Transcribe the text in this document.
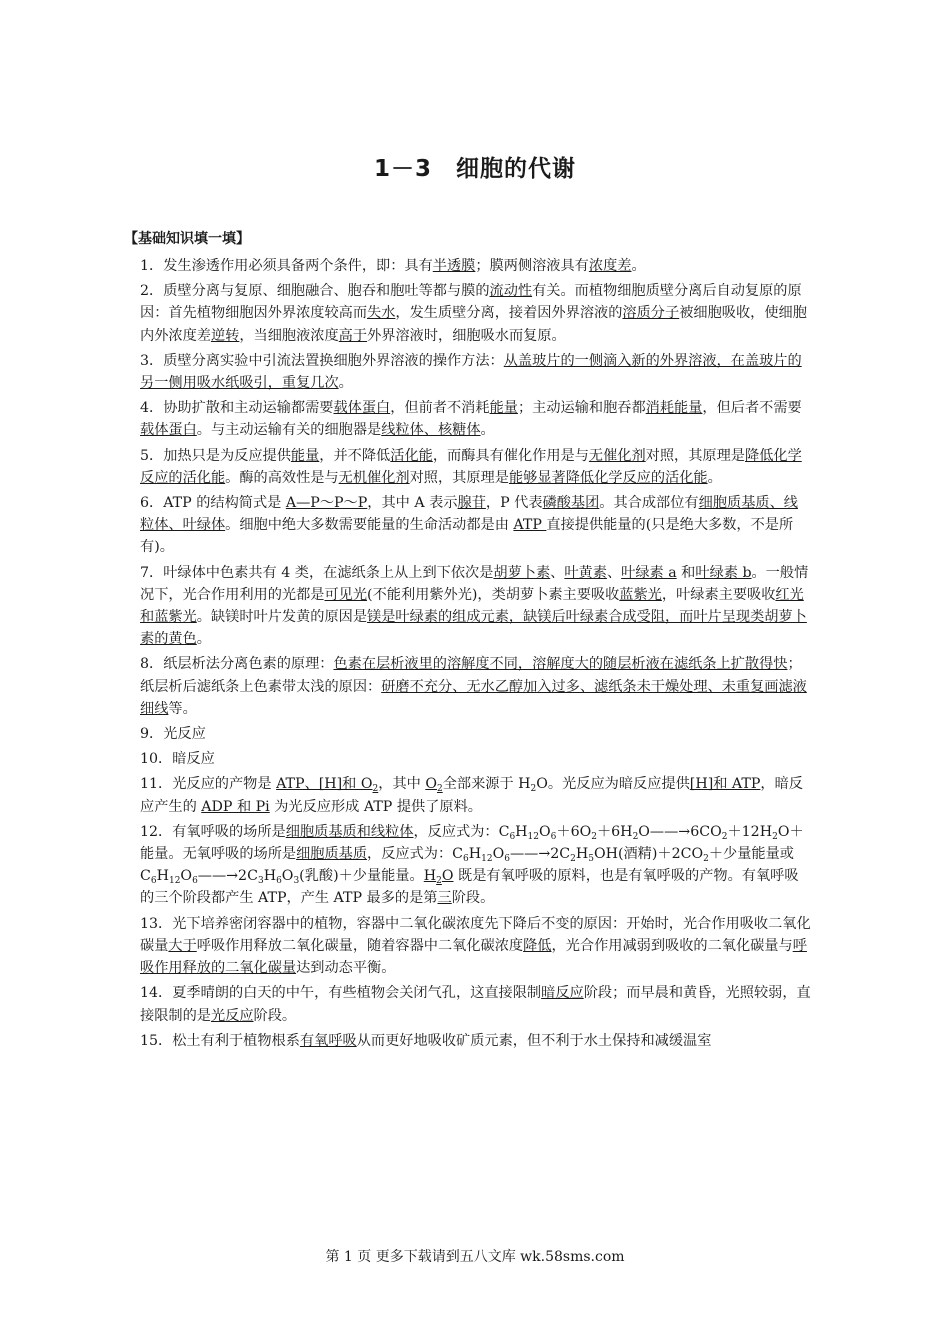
1－3　细胞的代谢
【基础知识填一填】
1．发生渗透作用必须具备两个条件，即：具有半透膜；膜两侧溶液具有浓度差。
2．质壁分离与复原、细胞融合、胞吞和胞吐等都与膜的流动性有关。而植物细胞质壁分离后自动复原的原因：首先植物细胞因外界浓度较高而失水，发生质壁分离，接着因外界溶液的溶质分子被细胞吸收，使细胞内外浓度差逆转，当细胞液浓度高于外界溶液时，细胞吸水而复原。
3．质壁分离实验中引流法置换细胞外界溶液的操作方法：从盖玻片的一侧滴入新的外界溶液，在盖玻片的另一侧用吸水纸吸引，重复几次。
4．协助扩散和主动运输都需要载体蛋白，但前者不消耗能量；主动运输和胞吞都消耗能量，但后者不需要载体蛋白。与主动运输有关的细胞器是线粒体、核糖体。
5．加热只是为反应提供能量，并不降低活化能，而酶具有催化作用是与无催化剂对照，其原理是降低化学反应的活化能。酶的高效性是与无机催化剂对照，其原理是能够显著降低化学反应的活化能。
6．ATP 的结构简式是 A—P～P～P，其中 A 表示腺苷，P 代表磷酸基团。其合成部位有细胞质基质、线粒体、叶绿体。细胞中绝大多数需要能量的生命活动都是由 ATP 直接提供能量的(只是绝大多数，不是所有)。
7．叶绿体中色素共有 4 类，在滤纸条上从上到下依次是胡萝卜素、叶黄素、叶绿素 a 和叶绿素 b。一般情况下，光合作用利用的光都是可见光(不能利用紫外光)，类胡萝卜素主要吸收蓝紫光，叶绿素主要吸收红光和蓝紫光。缺镁时叶片发黄的原因是镁是叶绿素的组成元素，缺镁后叶绿素合成受阻，而叶片呈现类胡萝卜素的黄色。
8．纸层析法分离色素的原理：色素在层析液里的溶解度不同，溶解度大的随层析液在滤纸条上扩散得快；纸层析后滤纸条上色素带太浅的原因：研磨不充分、无水乙醇加入过多、滤纸条未干燥处理、未重复画滤液细线等。
9．光反应
10．暗反应
11．光反应的产物是 ATP、[H]和 $O_2$，其中 $O_2$全部来源于 $H_2O$。光反应为暗反应提供[H]和 ATP，暗反应产生的 ADP 和 Pi 为光反应形成 ATP 提供了原料。
12．有氧呼吸的场所是细胞质基质和线粒体，反应式为：$C_6H_{12}O_6+6O_2+6H_2O——\to 6CO_2+12H_2O+$能量。无氧呼吸的场所是细胞质基质，反应式为：$C_6H_{12}O_6——\to 2C_2H_5OH$(酒精)$+2CO_2+$少量能量或 $C_6H_{12}O_6——\to 2C_3H_6O_3$(乳酸)＋少量能量。$H_2O$ 既是有氧呼吸的原料，也是有氧呼吸的产物。有氧呼吸的三个阶段都产生 ATP，产生 ATP 最多的是第三阶段。
13．光下培养密闭容器中的植物，容器中二氧化碳浓度先下降后不变的原因：开始时，光合作用吸收二氧化碳量大于呼吸作用释放二氧化碳量，随着容器中二氧化碳浓度降低，光合作用减弱到吸收的二氧化碳量与呼吸作用释放的二氧化碳量达到动态平衡。
14．夏季晴朗的白天的中午，有些植物会关闭气孔，这直接限制暗反应阶段；而早晨和黄昏，光照较弱，直接限制的是光反应阶段。
15．松土有利于植物根系有氧呼吸从而更好地吸收矿质元素，但不利于水土保持和减缓温室
第 1 页 更多下载请到五八文库 wk.58sms.com
